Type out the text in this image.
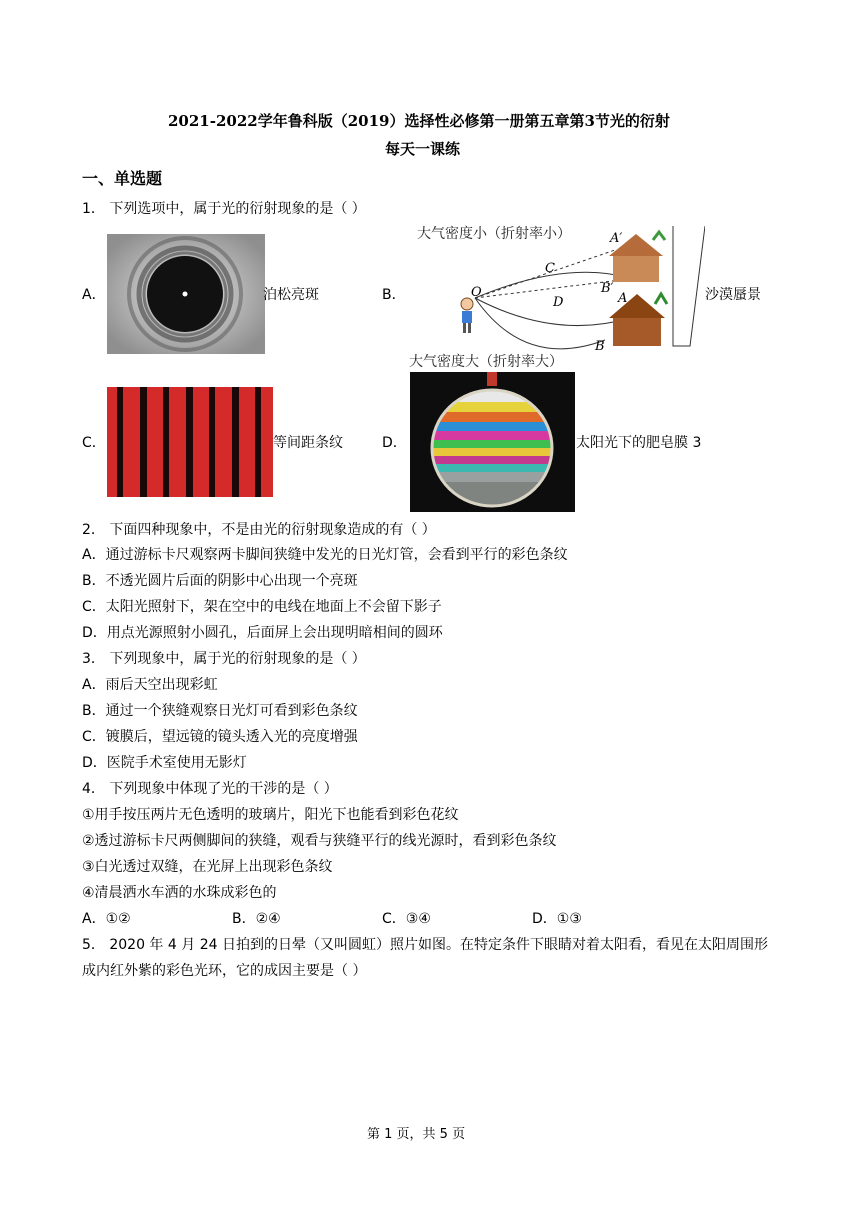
2021-2022学年鲁科版（2019）选择性必修第一册第五章第3节光的衍射
每天一课练
一、单选题
1． 下列选项中，属于光的衍射现象的是（ ）
A．	泊松亮斑	B．
大气密度小（折射率小）
O
C
D
A′
B′
A
B
大气密度大（折射率大）
沙漠蜃景
C．	等间距条纹	D．	太阳光下的肥皂膜 3
2． 下面四种现象中，不是由光的衍射现象造成的有（ ）
A．通过游标卡尺观察两卡脚间狭缝中发光的日光灯管，会看到平行的彩色条纹
B．不透光圆片后面的阴影中心出现一个亮斑
C．太阳光照射下，架在空中的电线在地面上不会留下影子
D．用点光源照射小圆孔，后面屏上会出现明暗相间的圆环
3． 下列现象中，属于光的衍射现象的是（ ）
A．雨后天空出现彩虹
B．通过一个狭缝观察日光灯可看到彩色条纹
C．镀膜后，望远镜的镜头透入光的亮度增强
D．医院手术室使用无影灯
4． 下列现象中体现了光的干涉的是（ ）
①用手按压两片无色透明的玻璃片，阳光下也能看到彩色花纹
②透过游标卡尺两侧脚间的狭缝，观看与狭缝平行的线光源时，看到彩色条纹
③白光透过双缝，在光屏上出现彩色条纹
④清晨洒水车洒的水珠成彩色的
A．①②	B．②④	C．③④	D．①③
5． 2020 年 4 月 24 日拍到的日晕（又叫圆虹）照片如图。在特定条件下眼睛对着太阳看，看见在太阳周围形
成内红外紫的彩色光环，它的成因主要是（ ）
第 1 页，共 5 页
